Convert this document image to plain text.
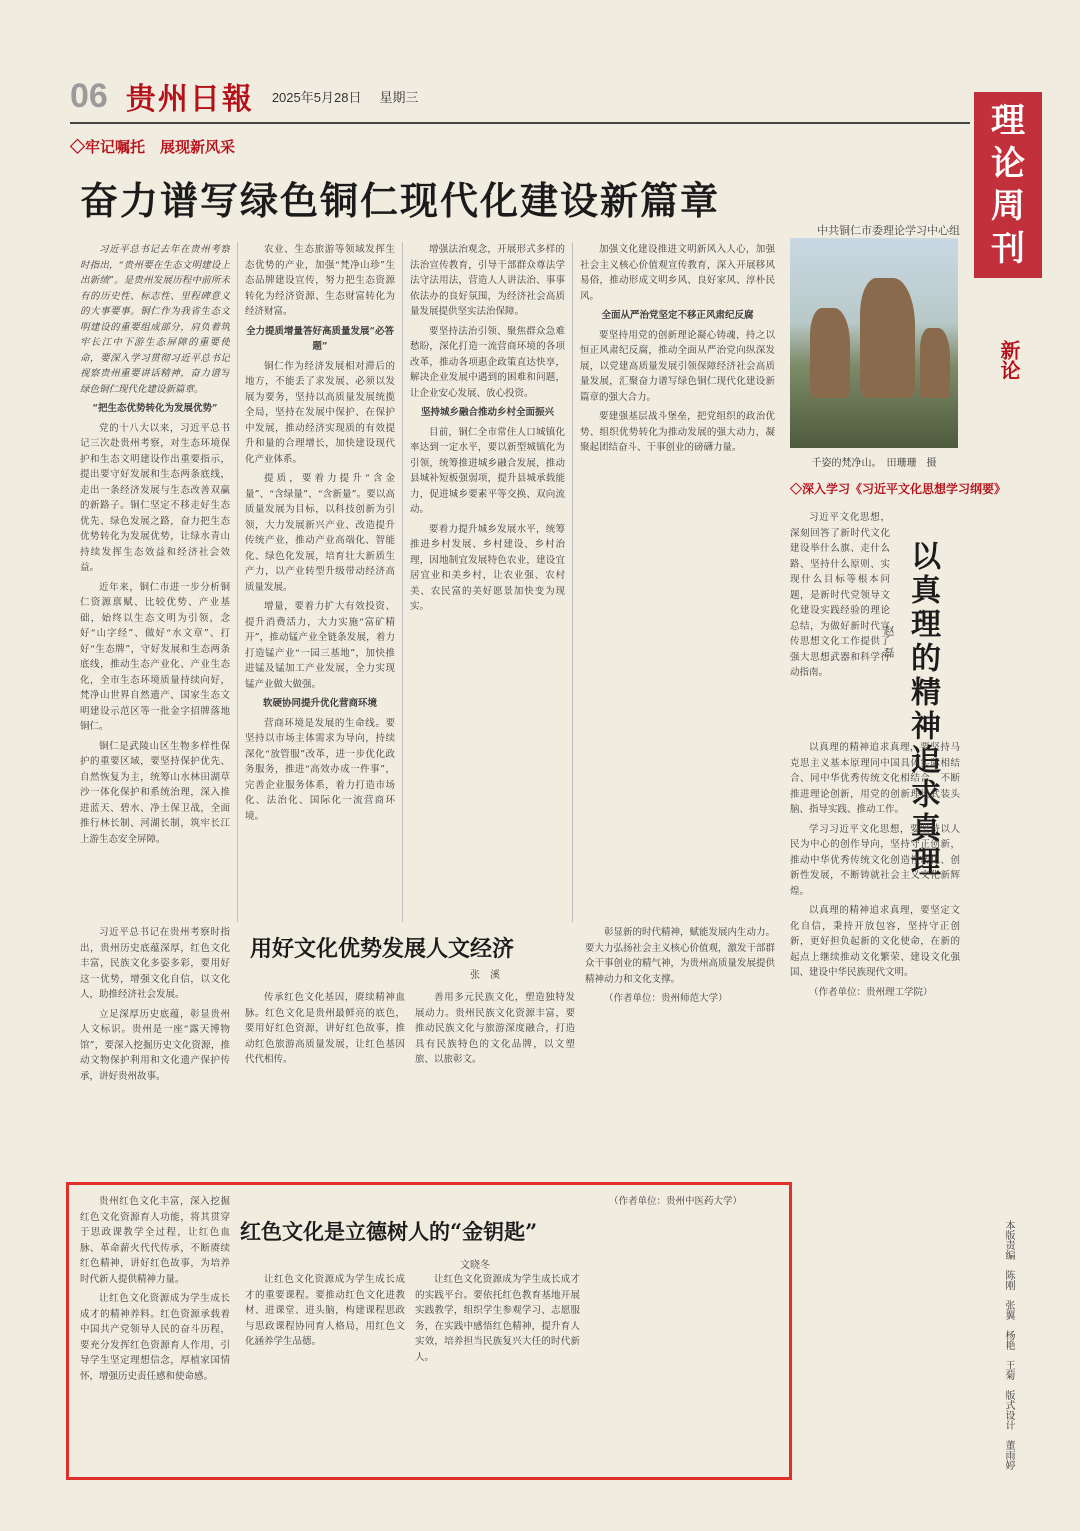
06 贵州日報 2025年5月28日 星期三
理
论
周
刊
新论
本版责编　陈刚　张翼　杨艳　王菊　版式设计　董雨婷
◇牢记嘱托　展现新风采
奋力谱写绿色铜仁现代化建设新篇章
中共铜仁市委理论学习中心组

习近平总书记去年在贵州考察时指出，“贵州要在生态文明建设上出新绩”。是贵州发展历程中前所未有的历史性、标志性、里程碑意义的大事要事。铜仁作为我省生态文明建设的重要组成部分，肩负着筑牢长江中下游生态屏障的重要使命，要深入学习贯彻习近平总书记视察贵州重要讲话精神，奋力谱写绿色铜仁现代化建设新篇章。

“把生态优势转化为发展优势”

党的十八大以来，习近平总书记三次赴贵州考察，对生态环境保护和生态文明建设作出重要指示，提出要守好发展和生态两条底线，走出一条经济发展与生态改善双赢的新路子。铜仁坚定不移走好生态优先、绿色发展之路，奋力把生态优势转化为发展优势，让绿水青山持续发挥生态效益和经济社会效益。

近年来，铜仁市进一步分析铜仁资源禀赋、比较优势、产业基础，始终以生态文明为引领，念好“山字经”、做好“水文章”、打好“生态牌”，守好发展和生态两条底线，推动生态产业化、产业生态化，全市生态环境质量持续向好，梵净山世界自然遗产、国家生态文明建设示范区等一批金字招牌落地铜仁。

铜仁是武陵山区生物多样性保护的重要区域，要坚持保护优先、自然恢复为主，统筹山水林田湖草沙一体化保护和系统治理，深入推进蓝天、碧水、净土保卫战，全面推行林长制、河湖长制，筑牢长江上游生态安全屏障。

农业、生态旅游等领域发挥生态优势的产业，加强“梵净山珍”生态品牌建设宣传，努力把生态资源转化为经济资源、生态财富转化为经济财富。

全力提质增量答好高质量发展“必答题”

铜仁作为经济发展相对滞后的地方，不能丢了求发展、必须以发展为要务，坚持以高质量发展统揽全局，坚持在发展中保护、在保护中发展，推动经济实现质的有效提升和量的合理增长，加快建设现代化产业体系。

提质，要着力提升“含金量”、“含绿量”、“含新量”。要以高质量发展为目标，以科技创新为引领，大力发展新兴产业、改造提升传统产业，推动产业高端化、智能化、绿色化发展，培育壮大新质生产力，以产业转型升级带动经济高质量发展。

增量，要着力扩大有效投资、提升消费活力，大力实施“富矿精开”，推动锰产业全链条发展，着力打造锰产业“一园三基地”，加快推进锰及锰加工产业发展，全力实现锰产业做大做强。

软硬协同提升优化营商环境

营商环境是发展的生命线。要坚持以市场主体需求为导向，持续深化“放管服”改革，进一步优化政务服务，推进“高效办成一件事”，完善企业服务体系，着力打造市场化、法治化、国际化一流营商环境。

增强法治观念，开展形式多样的法治宣传教育，引导干部群众尊法学法守法用法，营造人人讲法治、事事依法办的良好氛围，为经济社会高质量发展提供坚实法治保障。

要坚持法治引领、聚焦群众急难愁盼，深化打造一流营商环境的各项改革，推动各项惠企政策直达快享，解决企业发展中遇到的困难和问题，让企业安心发展、放心投资。

坚持城乡融合推动乡村全面振兴

目前，铜仁全市常住人口城镇化率达到一定水平，要以新型城镇化为引领，统筹推进城乡融合发展，推动县城补短板强弱项，提升县城承载能力，促进城乡要素平等交换、双向流动。

要着力提升城乡发展水平，统筹推进乡村发展、乡村建设、乡村治理，因地制宜发展特色农业，建设宜居宜业和美乡村，让农业强、农村美、农民富的美好愿景加快变为现实。

加强文化建设推进文明新风入人心，加强社会主义核心价值观宣传教育，深入开展移风易俗，推动形成文明乡风、良好家风、淳朴民风。

全面从严治党坚定不移正风肃纪反腐

要坚持用党的创新理论凝心铸魂，持之以恒正风肃纪反腐，推动全面从严治党向纵深发展，以党建高质量发展引领保障经济社会高质量发展，汇聚奋力谱写绿色铜仁现代化建设新篇章的强大合力。

要建强基层战斗堡垒，把党组织的政治优势、组织优势转化为推动发展的强大动力，凝聚起团结奋斗、干事创业的磅礴力量。

千姿的梵净山。　田珊珊　摄
◇深入学习《习近平文化思想学习纲要》
以真理的精神追求真理
赵　磊

习近平文化思想，深刻回答了新时代文化建设举什么旗、走什么路、坚持什么原则、实现什么目标等根本问题，是新时代党领导文化建设实践经验的理论总结，为做好新时代宣传思想文化工作提供了强大思想武器和科学行动指南。

以真理的精神追求真理，要坚持马克思主义基本原理同中国具体实际相结合、同中华优秀传统文化相结合，不断推进理论创新，用党的创新理论武装头脑、指导实践、推动工作。

学习习近平文化思想，要坚持以人民为中心的创作导向，坚持守正创新，推动中华优秀传统文化创造性转化、创新性发展，不断铸就社会主义文化新辉煌。

以真理的精神追求真理，要坚定文化自信，秉持开放包容，坚持守正创新，更好担负起新的文化使命，在新的起点上继续推动文化繁荣、建设文化强国、建设中华民族现代文明。

（作者单位：贵州理工学院）

用好文化优势发展人文经济
张　溪

习近平总书记在贵州考察时指出，贵州历史底蕴深厚，红色文化丰富，民族文化多姿多彩，要用好这一优势，增强文化自信，以文化人，助推经济社会发展。

立足深厚历史底蕴，彰显贵州人文标识。贵州是一座“露天博物馆”，要深入挖掘历史文化资源，推动文物保护利用和文化遗产保护传承，讲好贵州故事。

传承红色文化基因，赓续精神血脉。红色文化是贵州最鲜亮的底色，要用好红色资源，讲好红色故事，推动红色旅游高质量发展，让红色基因代代相传。

善用多元民族文化，塑造独特发展动力。贵州民族文化资源丰富，要推动民族文化与旅游深度融合，打造具有民族特色的文化品牌，以文塑旅、以旅彰文。

彰显新的时代精神，赋能发展内生动力。要大力弘扬社会主义核心价值观，激发干部群众干事创业的精气神，为贵州高质量发展提供精神动力和文化支撑。

（作者单位：贵州师范大学）

红色文化是立德树人的“金钥匙”
文晓冬

贵州红色文化丰富，深入挖掘红色文化资源育人功能，将其贯穿于思政课教学全过程，让红色血脉、革命薪火代代传承，不断赓续红色精神，讲好红色故事，为培养时代新人提供精神力量。

让红色文化资源成为学生成长成才的精神养料。红色资源承载着中国共产党领导人民的奋斗历程，要充分发挥红色资源育人作用，引导学生坚定理想信念，厚植家国情怀，增强历史责任感和使命感。

让红色文化资源成为学生成长成才的重要课程。要推动红色文化进教材、进课堂、进头脑，构建课程思政与思政课程协同育人格局，用红色文化涵养学生品德。

让红色文化资源成为学生成长成才的实践平台。要依托红色教育基地开展实践教学，组织学生参观学习、志愿服务，在实践中感悟红色精神，提升育人实效，培养担当民族复兴大任的时代新人。

（作者单位：贵州中医药大学）
